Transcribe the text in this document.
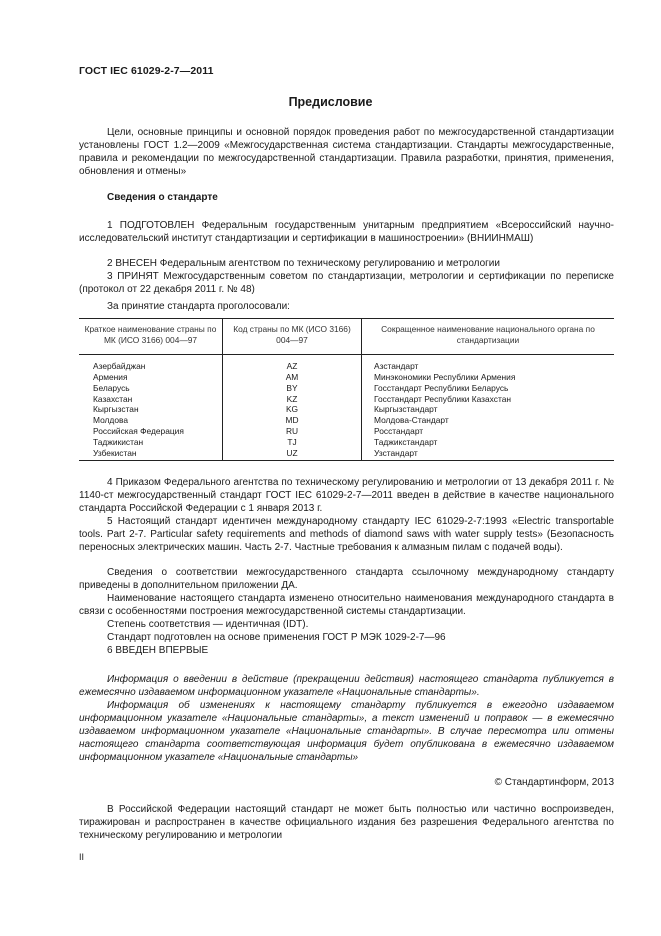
ГОСТ IEC 61029-2-7—2011
Предисловие
Цели, основные принципы и основной порядок проведения работ по межгосударственной стандартизации установлены ГОСТ 1.2—2009 «Межгосударственная система стандартизации. Стандарты межгосударственные, правила и рекомендации по межгосударственной стандартизации. Правила разработки, принятия, применения, обновления и отмены»
Сведения о стандарте
1 ПОДГОТОВЛЕН Федеральным государственным унитарным предприятием «Всероссийский научно-исследовательский институт стандартизации и сертификации в машиностроении» (ВНИИНМАШ)
2 ВНЕСЕН Федеральным агентством по техническому регулированию и метрологии
3 ПРИНЯТ Межгосударственным советом по стандартизации, метрологии и сертификации по переписке (протокол от 22 декабря 2011 г. № 48)
За принятие стандарта проголосовали:
Краткое наименование страны по МК (ИСО 3166) 004—97	Код страны по МК (ИСО 3166) 004—97	Сокращенное наименование национального органа по стандартизации
Азербайджан	AZ	Азстандарт
Армения	AM	Минэкономики Республики Армения
Беларусь	BY	Госстандарт Республики Беларусь
Казахстан	KZ	Госстандарт Республики Казахстан
Кыргызстан	KG	Кыргызстандарт
Молдова	MD	Молдова-Стандарт
Российская Федерация	RU	Росстандарт
Таджикистан	TJ	Таджикстандарт
Узбекистан	UZ	Узстандарт
4 Приказом Федерального агентства по техническому регулированию и метрологии от 13 декабря 2011 г. № 1140-ст межгосударственный стандарт ГОСТ IEC 61029-2-7—2011 введен в действие в качестве национального стандарта Российской Федерации с 1 января 2013 г.
5 Настоящий стандарт идентичен международному стандарту IEC 61029-2-7:1993 «Electric transportable tools. Part 2-7. Particular safety requirements and methods of diamond saws with water supply tests» (Безопасность переносных электрических машин. Часть 2-7. Частные требования к алмазным пилам с подачей воды).
Сведения о соответствии межгосударственного стандарта ссылочному международному стандарту приведены в дополнительном приложении ДА.
Наименование настоящего стандарта изменено относительно наименования международного стандарта в связи с особенностями построения межгосударственной системы стандартизации.
Степень соответствия — идентичная (IDT).
Стандарт подготовлен на основе применения ГОСТ Р МЭК 1029-2-7—96
6 ВВЕДЕН ВПЕРВЫЕ
Информация о введении в действие (прекращении действия) настоящего стандарта публикуется в ежемесячно издаваемом информационном указателе «Национальные стандарты».
Информация об изменениях к настоящему стандарту публикуется в ежегодно издаваемом информационном указателе «Национальные стандарты», а текст изменений и поправок — в ежемесячно издаваемом информационном указателе «Национальные стандарты». В случае пересмотра или отмены настоящего стандарта соответствующая информация будет опубликована в ежемесячно издаваемом информационном указателе «Национальные стандарты»
© Стандартинформ, 2013
В Российской Федерации настоящий стандарт не может быть полностью или частично воспроизведен, тиражирован и распространен в качестве официального издания без разрешения Федерального агентства по техническому регулированию и метрологии
II
